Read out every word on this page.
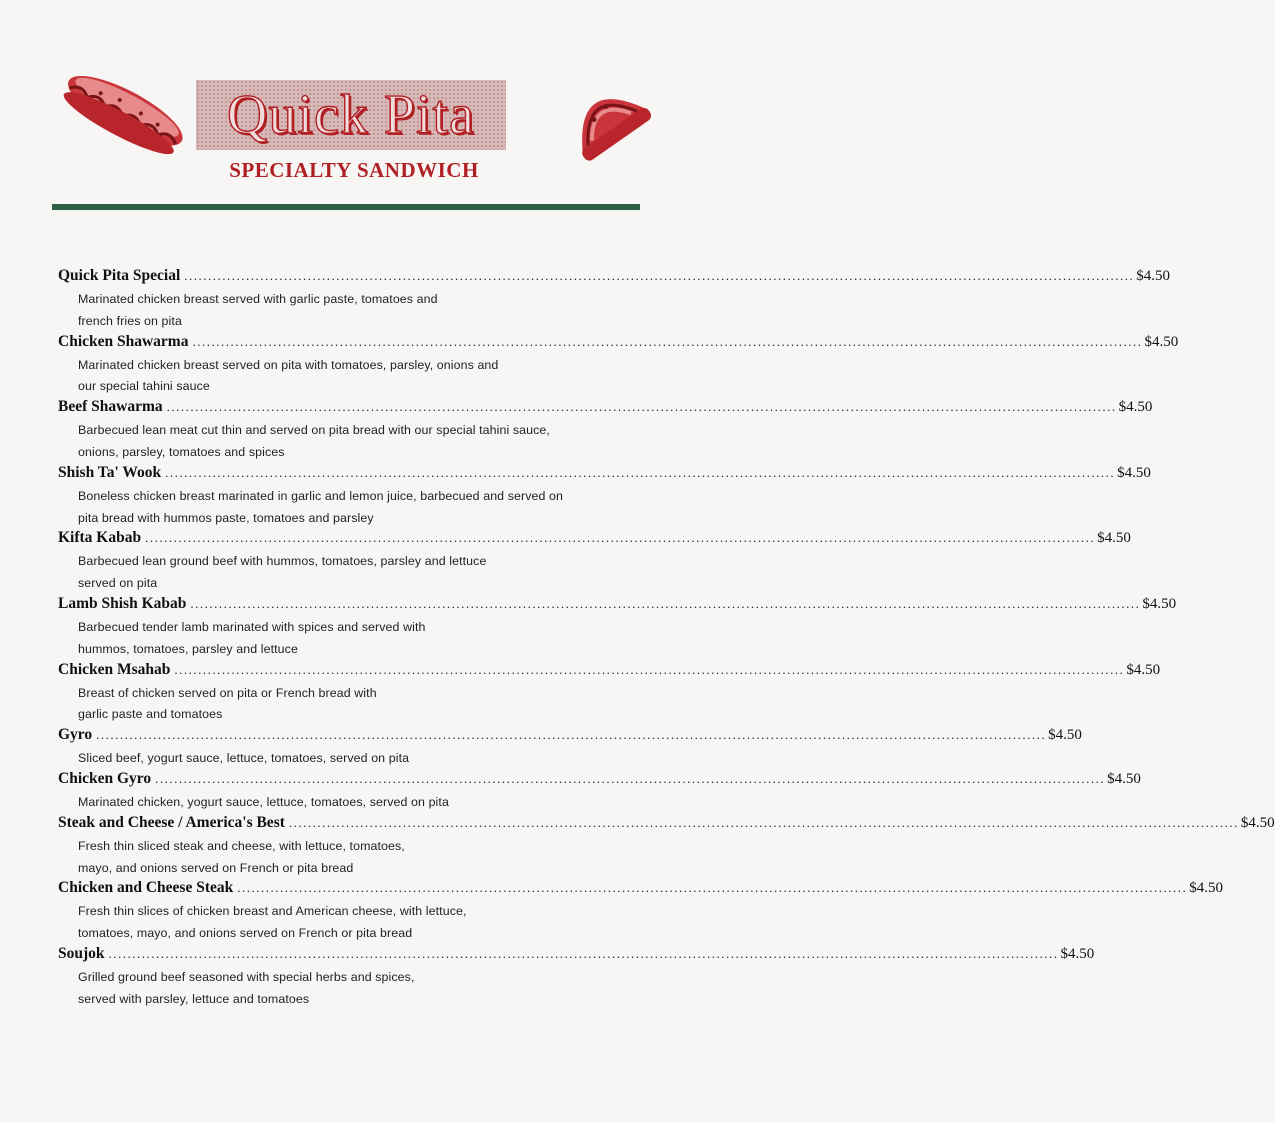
Quick Pita
SPECIALTY SANDWICH
Quick Pita Special ........................................................................................................................................................................................................ $4.50
Marinated chicken breast served with garlic paste, tomatoes and
french fries on pita
Chicken Shawarma ........................................................................................................................................................................................................ $4.50
Marinated chicken breast served on pita with tomatoes, parsley, onions and
our special tahini sauce
Beef Shawarma ........................................................................................................................................................................................................ $4.50
Barbecued lean meat cut thin and served on pita bread with our special tahini sauce,
onions, parsley, tomatoes and spices
Shish Ta' Wook ........................................................................................................................................................................................................ $4.50
Boneless chicken breast marinated in garlic and lemon juice, barbecued and served on
pita bread with hummos paste, tomatoes and parsley
Kifta Kabab ........................................................................................................................................................................................................ $4.50
Barbecued lean ground beef with hummos, tomatoes, parsley and lettuce
served on pita
Lamb Shish Kabab ........................................................................................................................................................................................................ $4.50
Barbecued tender lamb marinated with spices and served with
hummos, tomatoes, parsley and lettuce
Chicken Msahab ........................................................................................................................................................................................................ $4.50
Breast of chicken served on pita or French bread with
garlic paste and tomatoes
Gyro ........................................................................................................................................................................................................ $4.50
Sliced beef, yogurt sauce, lettuce, tomatoes, served on pita
Chicken Gyro ........................................................................................................................................................................................................ $4.50
Marinated chicken, yogurt sauce, lettuce, tomatoes, served on pita
Steak and Cheese / America's Best ........................................................................................................................................................................................................ $4.50
Fresh thin sliced steak and cheese, with lettuce, tomatoes,
mayo, and onions served on French or pita bread
Chicken and Cheese Steak ........................................................................................................................................................................................................ $4.50
Fresh thin slices of chicken breast and American cheese, with lettuce,
tomatoes, mayo, and onions served on French or pita bread
Soujok ........................................................................................................................................................................................................ $4.50
Grilled ground beef seasoned with special herbs and spices,
served with parsley, lettuce and tomatoes
